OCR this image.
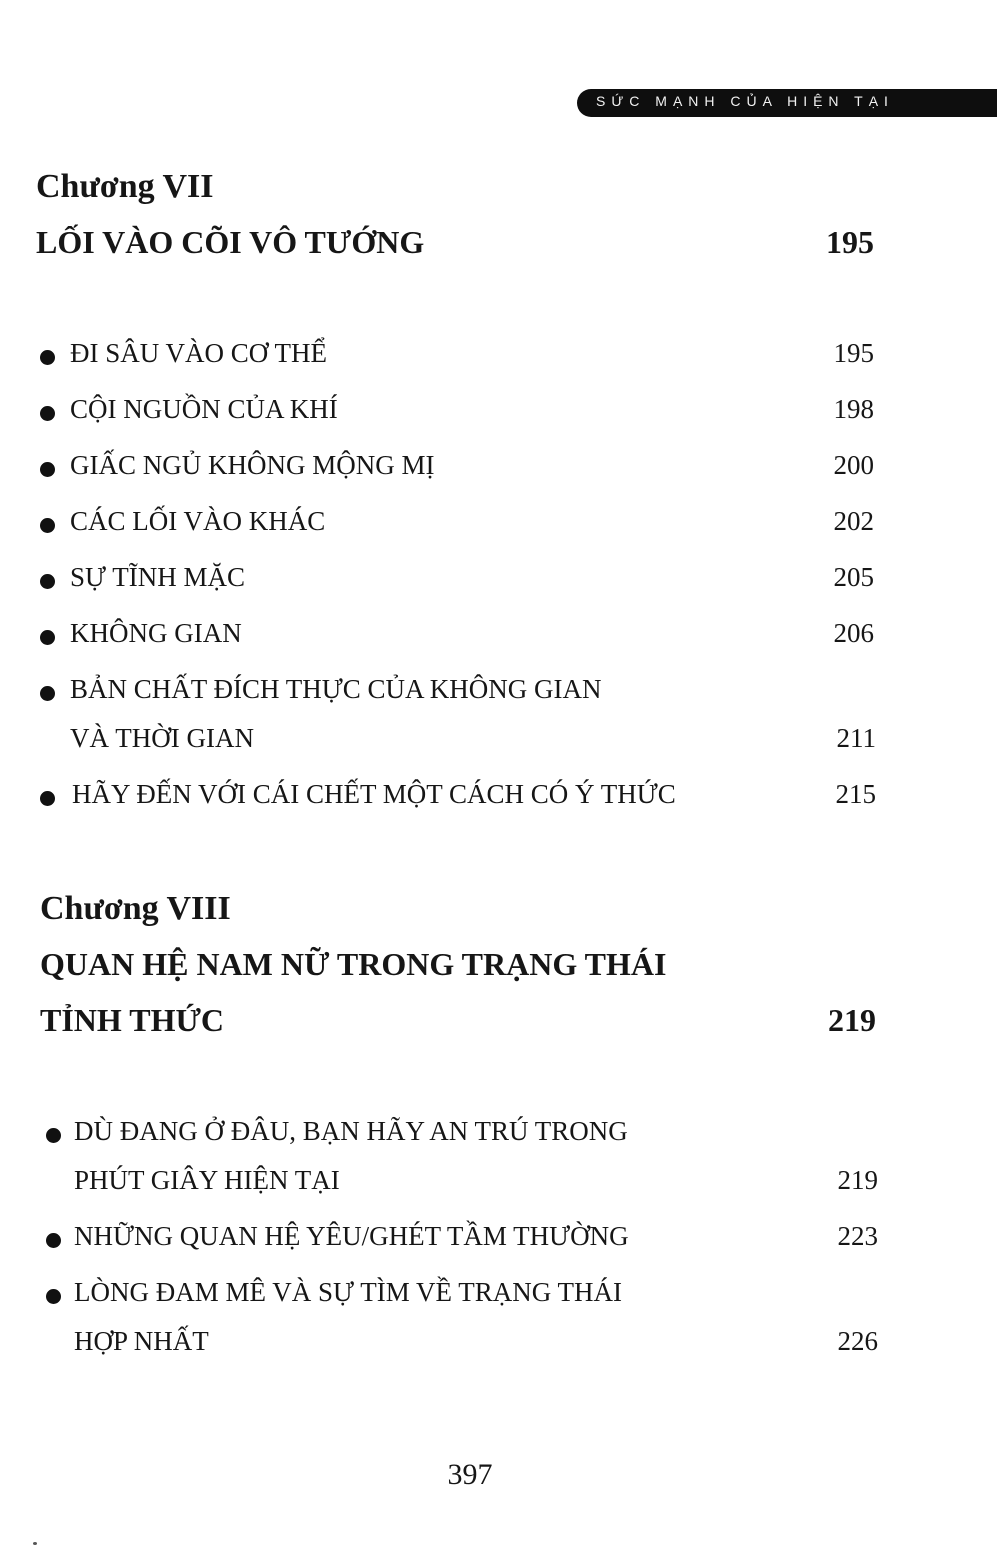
SỨC MẠNH CỦA HIỆN TẠI
Chương VII
LỐI VÀO CÕI VÔ TƯỚNG	195
ĐI SÂU VÀO CƠ THỂ	195
CỘI NGUỒN CỦA KHÍ	198
GIẤC NGỦ KHÔNG MỘNG MỊ	200
CÁC LỐI VÀO KHÁC	202
SỰ TĨNH MẶC	205
KHÔNG GIAN	206
BẢN CHẤT ĐÍCH THỰC CỦA KHÔNG GIAN
VÀ THỜI GIAN	211
HÃY ĐẾN VỚI CÁI CHẾT MỘT CÁCH CÓ Ý THỨC	215
Chương VIII
QUAN HỆ NAM NỮ TRONG TRẠNG THÁI
TỈNH THỨC	219
DÙ ĐANG Ở ĐÂU, BẠN HÃY AN TRÚ TRONG
PHÚT GIÂY HIỆN TẠI	219
NHỮNG QUAN HỆ YÊU/GHÉT TẦM THƯỜNG	223
LÒNG ĐAM MÊ VÀ SỰ TÌM VỀ TRẠNG THÁI
HỢP NHẤT	226
397
